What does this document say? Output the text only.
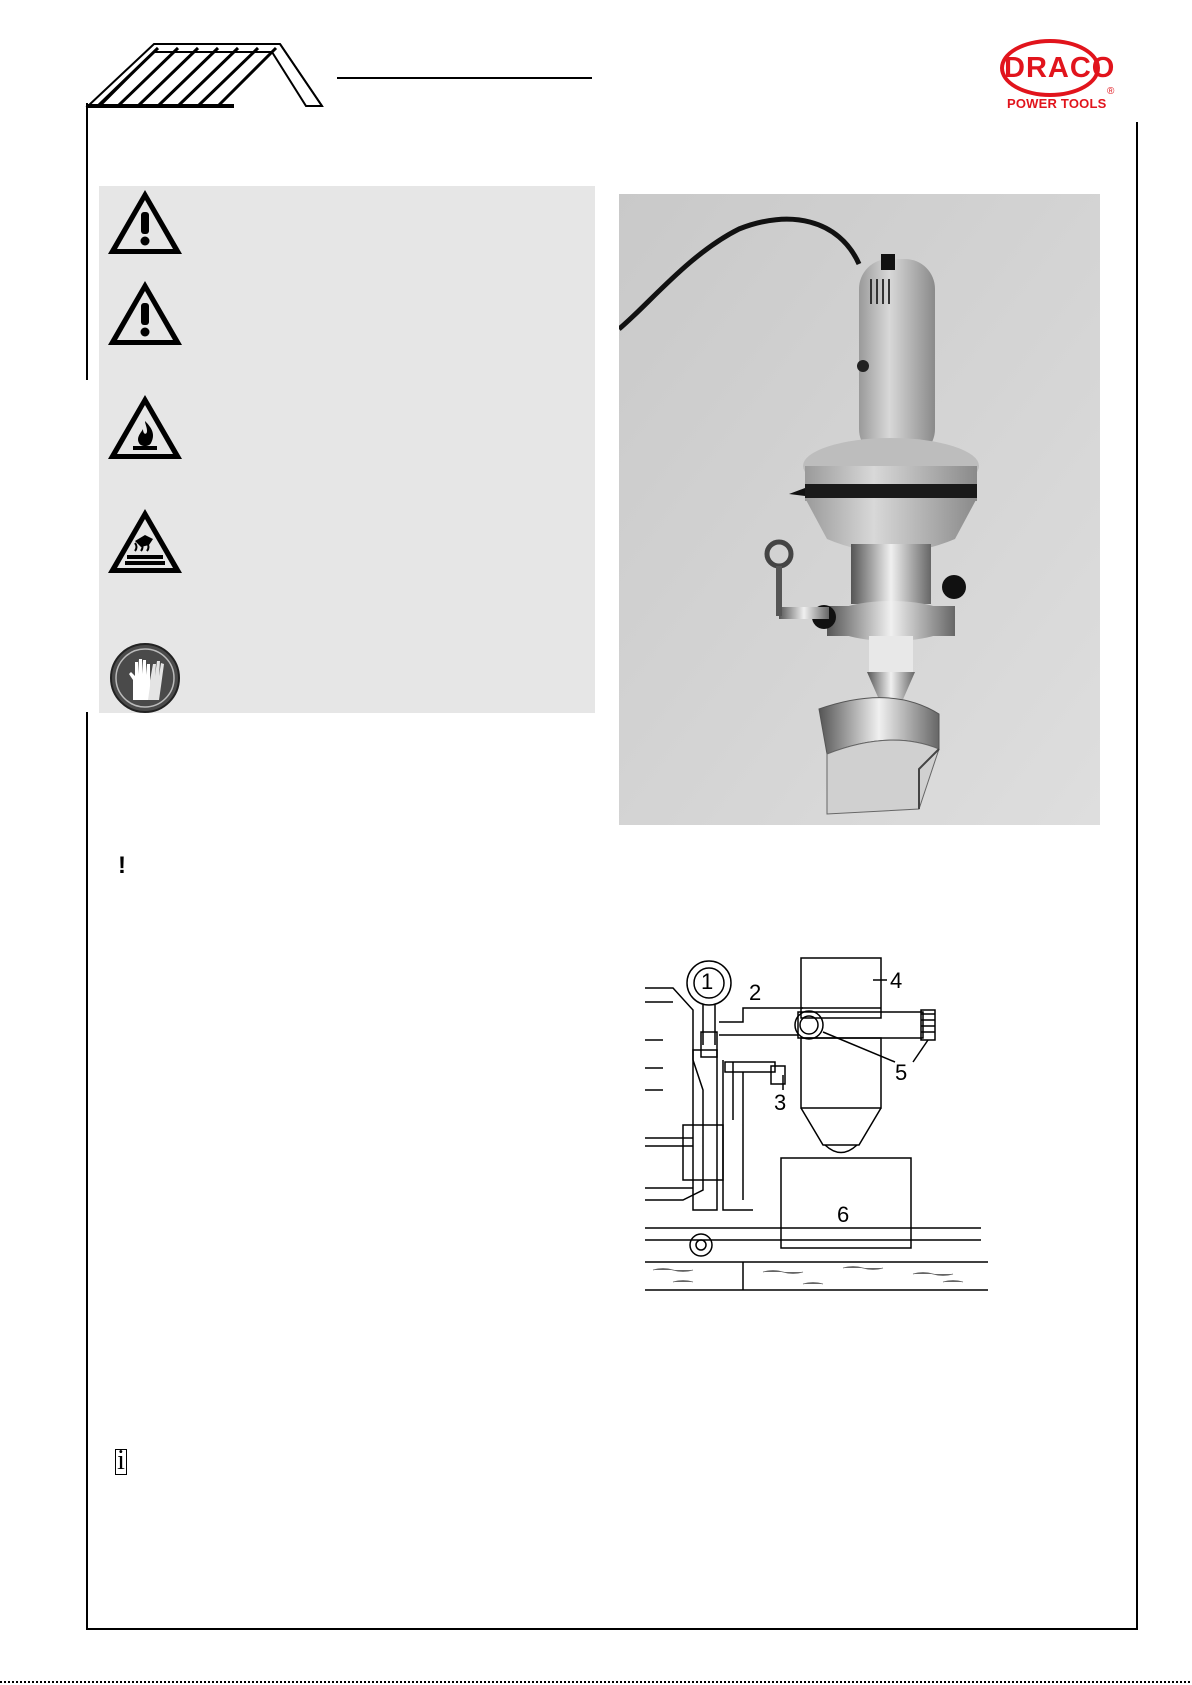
DRACO
®
POWER TOOLS
!
i
1 2
3
4
5
6
